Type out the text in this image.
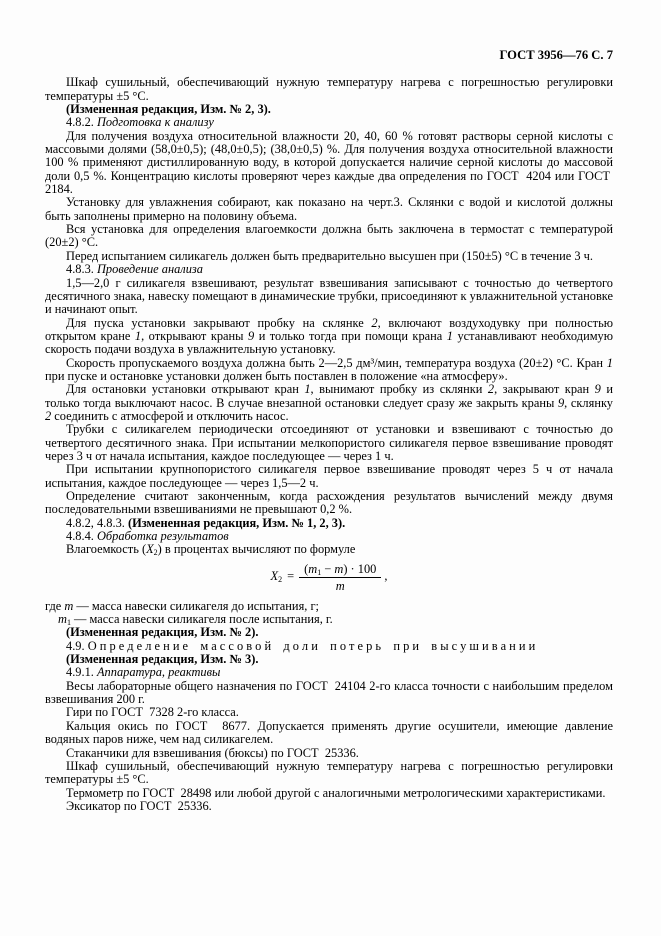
ГОСТ 3956—76 С. 7

Шкаф сушильный, обеспечивающий нужную температуру нагрева с погрешностью регулировки температуры ±5 °С.

(Измененная редакция, Изм. № 2, 3).

4.8.2. Подготовка к анализу

Для получения воздуха относительной влажности 20, 40, 60 % готовят растворы серной кислоты с массовыми долями (58,0±0,5); (48,0±0,5); (38,0±0,5) %. Для получения воздуха относительной влажности 100 % применяют дистиллированную воду, в которой допускается наличие серной кислоты до массовой доли 0,5 %. Концентрацию кислоты проверяют через каждые два определения по ГОСТ  4204 или ГОСТ  2184.

Установку для увлажнения собирают, как показано на черт.3. Склянки с водой и кислотой должны быть заполнены примерно на половину объема.

Вся установка для определения влагоемкости должна быть заключена в термостат с температурой (20±2) °С.

Перед испытанием силикагель должен быть предварительно высушен при (150±5) °С в течение 3 ч.

4.8.3. Проведение анализа

1,5—2,0 г силикагеля взвешивают, результат взвешивания записывают с точностью до четвертого десятичного знака, навеску помещают в динамические трубки, присоединяют к увлажнительной установке и начинают опыт.

Для пуска установки закрывают пробку на склянке 2, включают воздуходувку при полностью открытом кране 1, открывают краны 9 и только тогда при помощи крана 1 устанавливают необходимую скорость подачи воздуха в увлажнительную установку.

Скорость пропускаемого воздуха должна быть 2—2,5 дм³/мин, температура воздуха (20±2) °С. Кран 1 при пуске и остановке установки должен быть поставлен в положение «на атмосферу».

Для остановки установки открывают кран 1, вынимают пробку из склянки 2, закрывают кран 9 и только тогда выключают насос. В случае внезапной остановки следует сразу же закрыть краны 9, склянку 2 соединить с атмосферой и отключить насос.

Трубки с силикагелем периодически отсоединяют от установки и взвешивают с точностью до четвертого десятичного знака. При испытании мелкопористого силикагеля первое взвешивание проводят через 3 ч от начала испытания, каждое последующее — через 1 ч.

При испытании крупнопористого силикагеля первое взвешивание проводят через 5 ч от начала испытания, каждое последующее — через 1,5—2 ч.

Определение считают законченным, когда расхождения результатов вычислений между двумя последовательными взвешиваниями не превышают 0,2 %.

4.8.2, 4.8.3. (Измененная редакция, Изм. № 1, 2, 3).

4.8.4. Обработка результатов

Влагоемкость $(X_2)$ в процентах вычисляют по формуле

$X_2 = \frac{(m_1 - m) \cdot 100}{m}$ ,

где m — масса навески силикагеля до испытания, г;

$m_1$ — масса навески силикагеля после испытания, г.

(Измененная редакция, Изм. № 2).

4.9. Определение массовой доли потерь при высушивании

(Измененная редакция, Изм. № 3).

4.9.1. Аппаратура, реактивы

Весы лабораторные общего назначения по ГОСТ  24104 2-го класса точности с наибольшим пределом взвешивания 200 г.

Гири по ГОСТ  7328 2-го класса.

Кальция окись по ГОСТ  8677. Допускается применять другие осушители, имеющие давление водяных паров ниже, чем над силикагелем.

Стаканчики для взвешивания (бюксы) по ГОСТ  25336.

Шкаф сушильный, обеспечивающий нужную температуру нагрева с погрешностью регулировки температуры ±5 °С.

Термометр по ГОСТ  28498 или любой другой с аналогичными метрологическими характеристиками.

Эксикатор по ГОСТ  25336.
